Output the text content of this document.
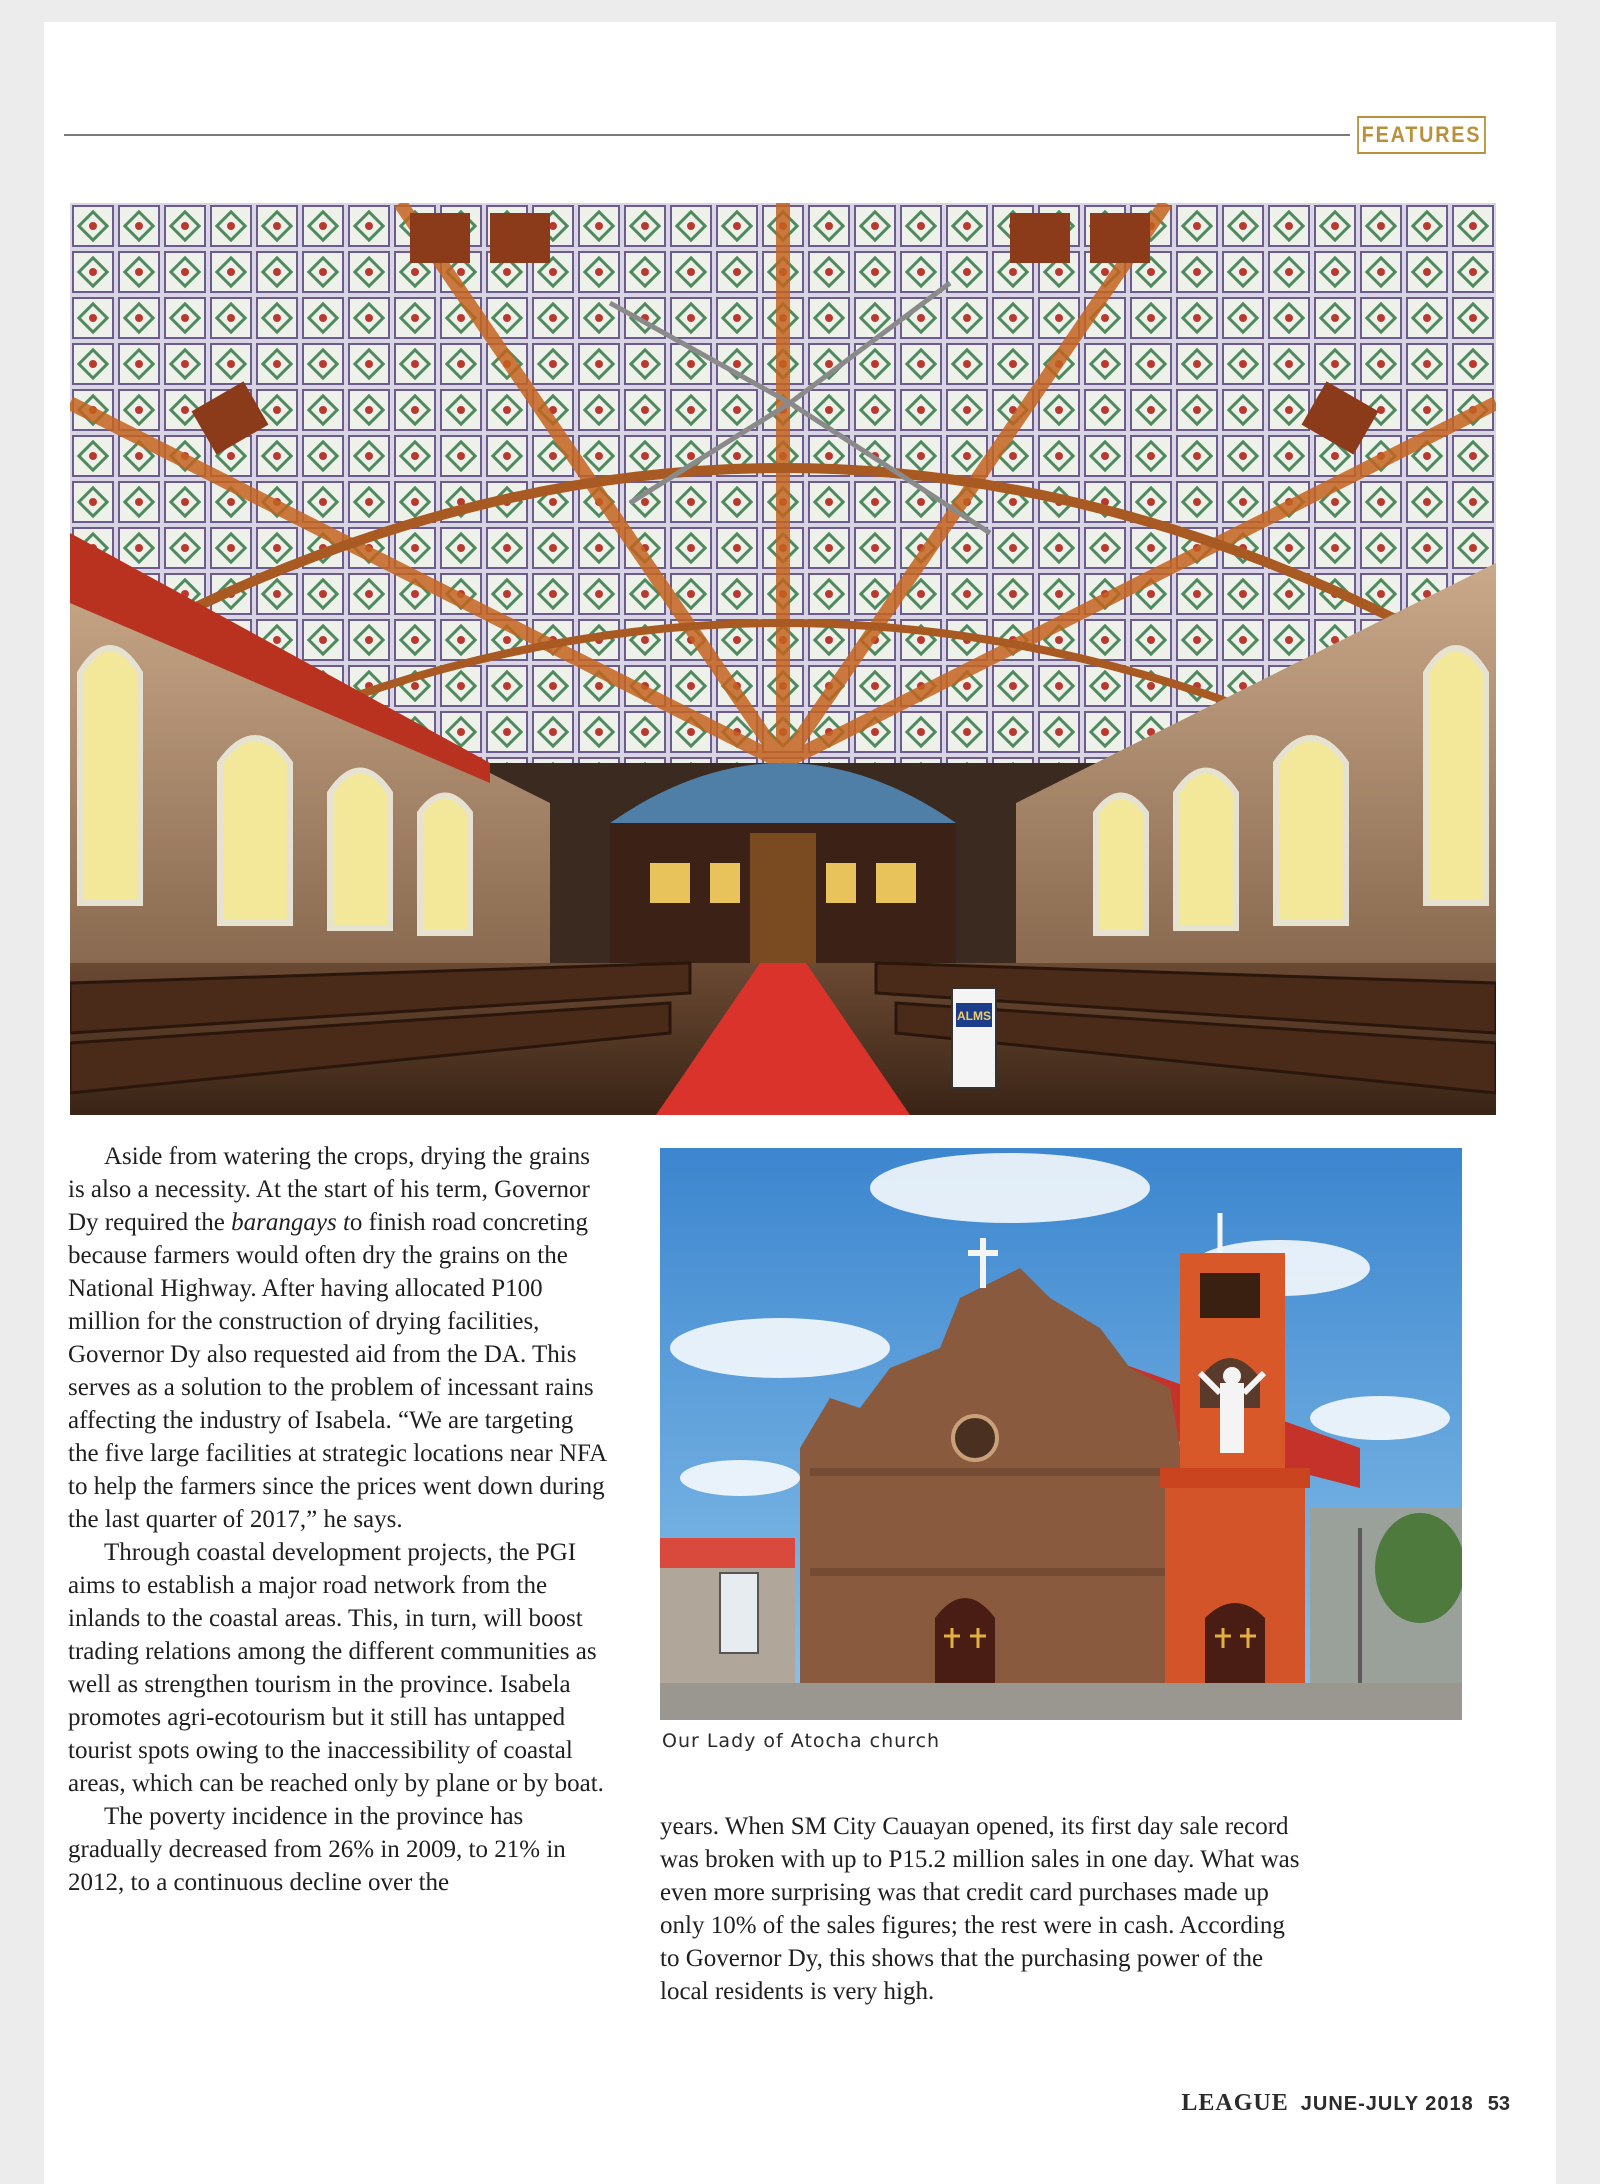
FEATURES
ALMS

Aside from watering the crops, drying the grains is also a necessity. At the start of his term, Governor Dy required the barangays to finish road concreting because farmers would often dry the grains on the National Highway. After having allocated P100 million for the construction of drying facilities, Governor Dy also requested aid from the DA. This serves as a solution to the problem of incessant rains affecting the industry of Isabela. “We are targeting the five large facilities at strategic locations near NFA to help the farmers since the prices went down during the last quarter of 2017,” he says.

Through coastal development projects, the PGI aims to establish a major road network from the inlands to the coastal areas. This, in turn, will boost trading relations among the different communities as well as strengthen tourism in the province. Isabela promotes agri-ecotourism but it still has untapped tourist spots owing to the inaccessibility of coastal areas, which can be reached only by plane or by boat.

The poverty incidence in the province has gradually decreased from 26% in 2009, to 21% in 2012, to a continuous decline over the

Our Lady of Atocha church

years. When SM City Cauayan opened, its first day sale record was broken with up to P15.2 million sales in one day. What was even more surprising was that credit card purchases made up only 10% of the sales figures; the rest were in cash. According to Governor Dy, this shows that the purchasing power of the local residents is very high.

LEAGUE JUNE-JULY 2018 53
